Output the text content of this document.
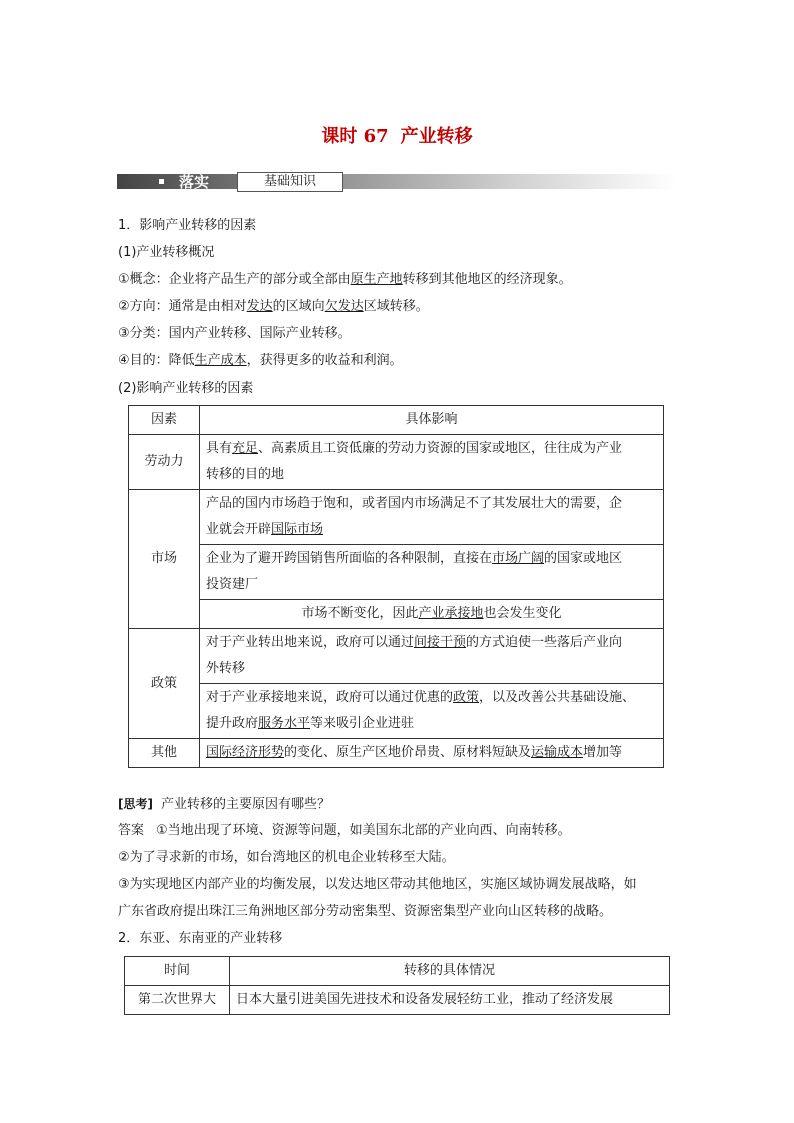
课时 67 产业转移
落实	基础知识
1．影响产业转移的因素
(1)产业转移概况
①概念：企业将产品生产的部分或全部由原生产地转移到其他地区的经济现象。
②方向：通常是由相对发达的区域向欠发达区域转移。
③分类：国内产业转移、国际产业转移。
④目的：降低生产成本，获得更多的收益和利润。
(2)影响产业转移的因素
因素	具体影响
劳动力	具有充足、高素质且工资低廉的劳动力资源的国家或地区，往往成为产业
转移的目的地
市场	产品的国内市场趋于饱和，或者国内市场满足不了其发展壮大的需要，企
业就会开辟国际市场
	企业为了避开跨国销售所面临的各种限制，直接在市场广阔的国家或地区
投资建厂
	市场不断变化，因此产业承接地也会发生变化
政策	对于产业转出地来说，政府可以通过间接干预的方式迫使一些落后产业向
外转移
	对于产业承接地来说，政府可以通过优惠的政策，以及改善公共基础设施、
提升政府服务水平等来吸引企业进驻
其他	国际经济形势的变化、原生产区地价昂贵、原材料短缺及运输成本增加等
[思考] 产业转移的主要原因有哪些？
答案 ①当地出现了环境、资源等问题，如美国东北部的产业向西、向南转移。
②为了寻求新的市场，如台湾地区的机电企业转移至大陆。
③为实现地区内部产业的均衡发展，以发达地区带动其他地区，实施区域协调发展战略，如
广东省政府提出珠江三角洲地区部分劳动密集型、资源密集型产业向山区转移的战略。
2．东亚、东南亚的产业转移
时间	转移的具体情况
第二次世界大	日本大量引进美国先进技术和设备发展轻纺工业，推动了经济发展
